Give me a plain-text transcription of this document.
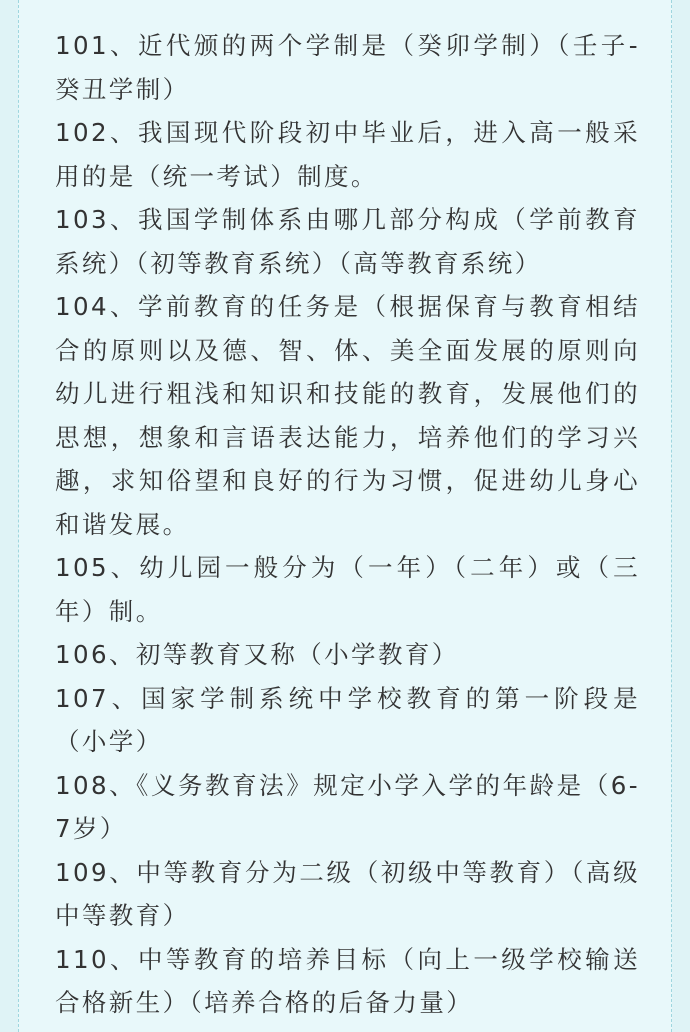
101、近代颁的两个学制是（癸卯学制）（壬子-癸丑学制）

102、我国现代阶段初中毕业后，进入高一般采用的是（统一考试）制度。

103、我国学制体系由哪几部分构成（学前教育系统）（初等教育系统）（高等教育系统）

104、学前教育的任务是（根据保育与教育相结合的原则以及德、智、体、美全面发展的原则向幼儿进行粗浅和知识和技能的教育，发展他们的思想，想象和言语表达能力，培养他们的学习兴趣，求知俗望和良好的行为习惯，促进幼儿身心和谐发展。

105、幼儿园一般分为（一年）（二年）或（三年）制。

106、初等教育又称（小学教育）

107、国家学制系统中学校教育的第一阶段是（小学）

108、《义务教育法》规定小学入学的年龄是（6-7岁）

109、中等教育分为二级（初级中等教育）（高级中等教育）

110、中等教育的培养目标（向上一级学校输送合格新生）（培养合格的后备力量）
